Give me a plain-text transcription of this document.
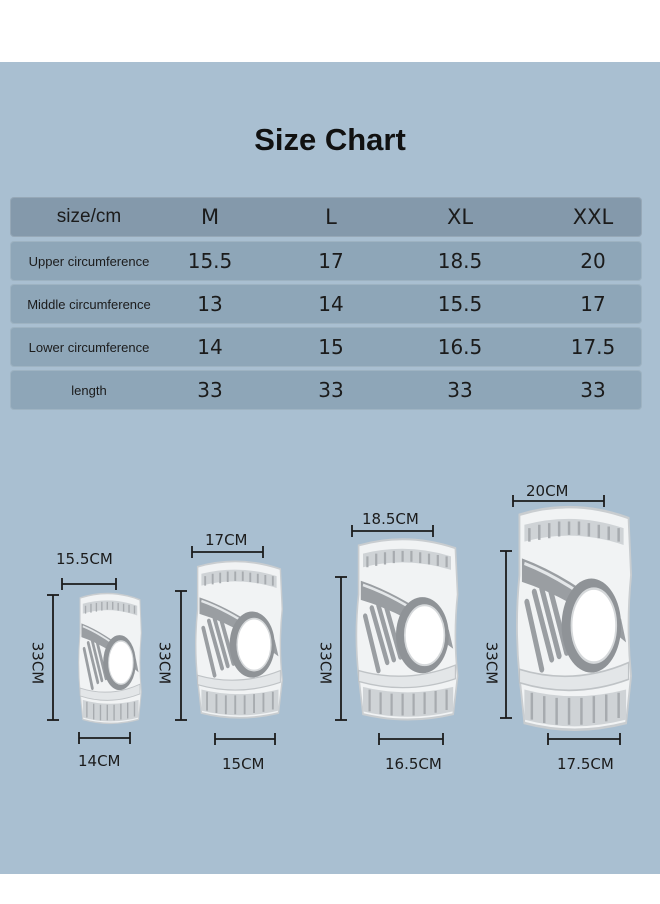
Size Chart
size/cm	M	L	XL	XXL
Upper circumference	15.5	17	18.5	20
Middle circumference	13	14	15.5	17
Lower circumference	14	15	16.5	17.5
length	33	33	33	33
15.5CM
33CM
14CM
17CM
33CM
15CM
18.5CM
33CM
16.5CM
20CM
33CM
17.5CM
